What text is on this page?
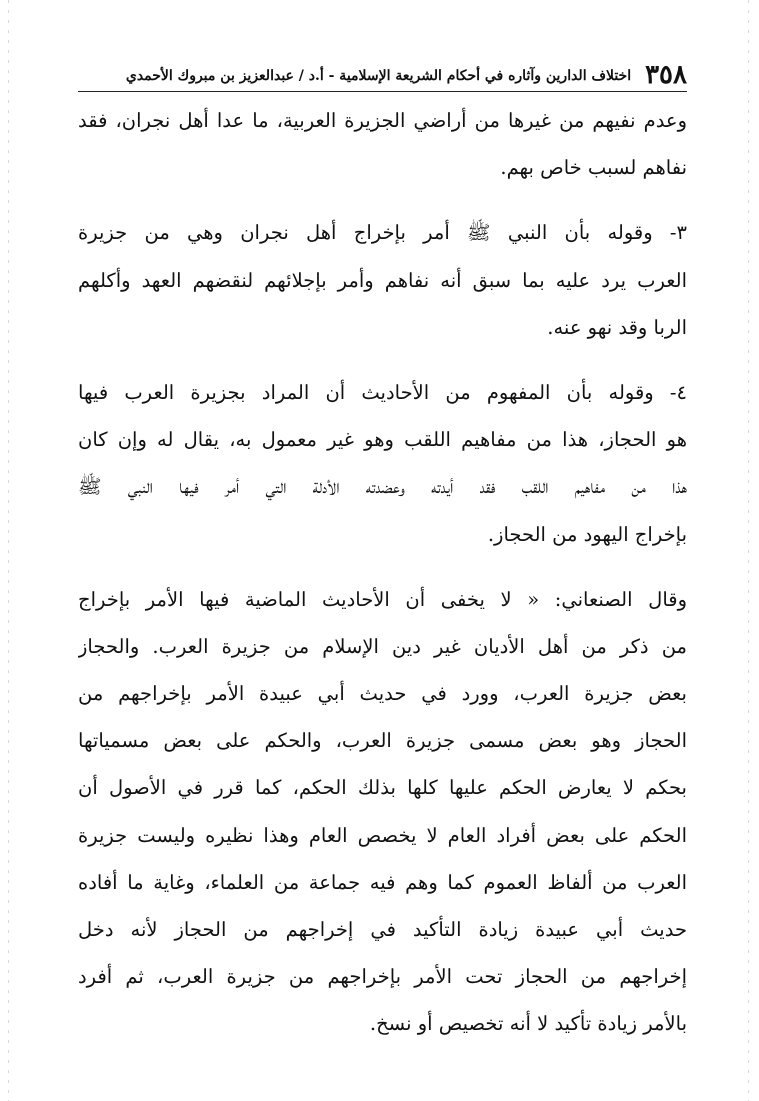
٣٥٨
اختلاف الدارين وآثاره في أحكام الشريعة الإسلامية - أ.د / عبدالعزيز بن مبروك الأحمدي
وعدم نفيهم من غيرها من أراضي الجزيرة العربية، ما عدا أهل نجران، فقد
نفاهم لسبب خاص بهم.
٣- وقوله بأن النبي ﷺ أمر بإخراج أهل نجران وهي من جزيرة
العرب يرد عليه بما سبق أنه نفاهم وأمر بإجلائهم لنقضهم العهد وأكلهم
الربا وقد نهو عنه.
٤- وقوله بأن المفهوم من الأحاديث أن المراد بجزيرة العرب فيها
هو الحجاز، هذا من مفاهيم اللقب وهو غير معمول به، يقال له وإن كان
هذا من مفاهيم اللقب فقد أيدته وعضدته الأدلة التي أمر فيها النبي ﷺ
بإخراج اليهود من الحجاز.
وقال الصنعاني: « لا يخفى أن الأحاديث الماضية فيها الأمر بإخراج
من ذكر من أهل الأديان غير دين الإسلام من جزيرة العرب. والحجاز
بعض جزيرة العرب، وورد في حديث أبي عبيدة الأمر بإخراجهم من
الحجاز وهو بعض مسمى جزيرة العرب، والحكم على بعض مسمياتها
بحكم لا يعارض الحكم عليها كلها بذلك الحكم، كما قرر في الأصول أن
الحكم على بعض أفراد العام لا يخصص العام وهذا نظيره وليست جزيرة
العرب من ألفاظ العموم كما وهم فيه جماعة من العلماء، وغاية ما أفاده
حديث أبي عبيدة زيادة التأكيد في إخراجهم من الحجاز لأنه دخل
إخراجهم من الحجاز تحت الأمر بإخراجهم من جزيرة العرب، ثم أفرد
بالأمر زيادة تأكيد لا أنه تخصيص أو نسخ.
